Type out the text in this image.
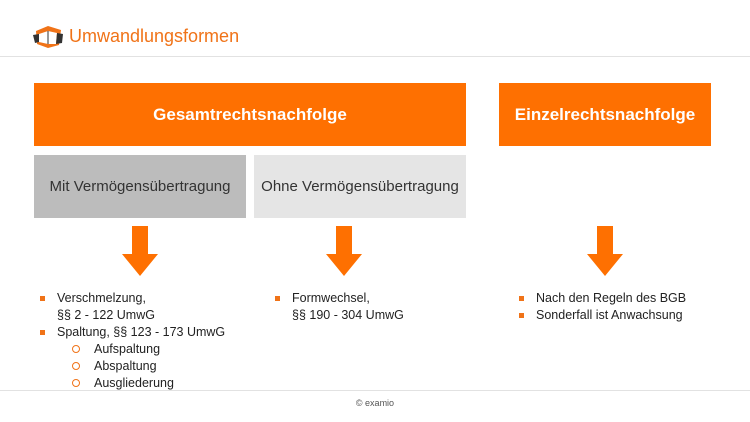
Umwandlungsformen
Gesamtrechtsnachfolge	Einzelrechtsnachfolge
Mit Vermögensübertragung	Ohne Vermögensübertragung
Verschmelzung,
§§ 2 - 122 UmwG
Spaltung, §§ 123 - 173 UmwG
Aufspaltung
Abspaltung
Ausgliederung
Formwechsel,
§§ 190 - 304 UmwG
Nach den Regeln des BGB
Sonderfall ist Anwachsung
© examio
